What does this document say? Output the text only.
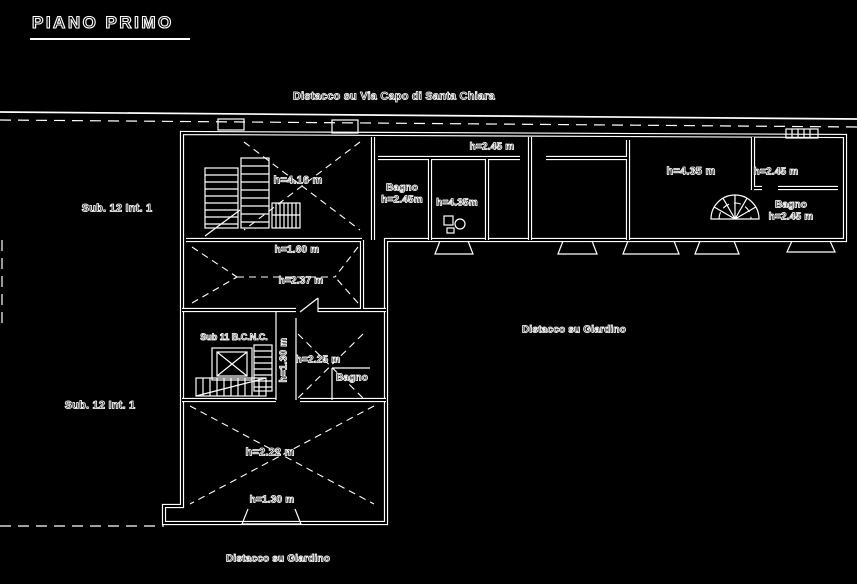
PIANO PRIMO
Distacco su Via Capo di Santa Chiara
Sub. 12 Int. 1
Sub. 12 Int. 1
h=4.16 m
h=2.45 m
Bagno
h=2.45m h=4.35m
h=4.35 m	h=2.45 m
Bagno
h=2.45 m
h=1.60 m
h=2.37 m
Sub 11 B.C.N.C.
h=1.30 m h=2.25 m
Bagno
h=2.22 m
h=1.30 m
Distacco su Giardino
Distacco su Giardino
